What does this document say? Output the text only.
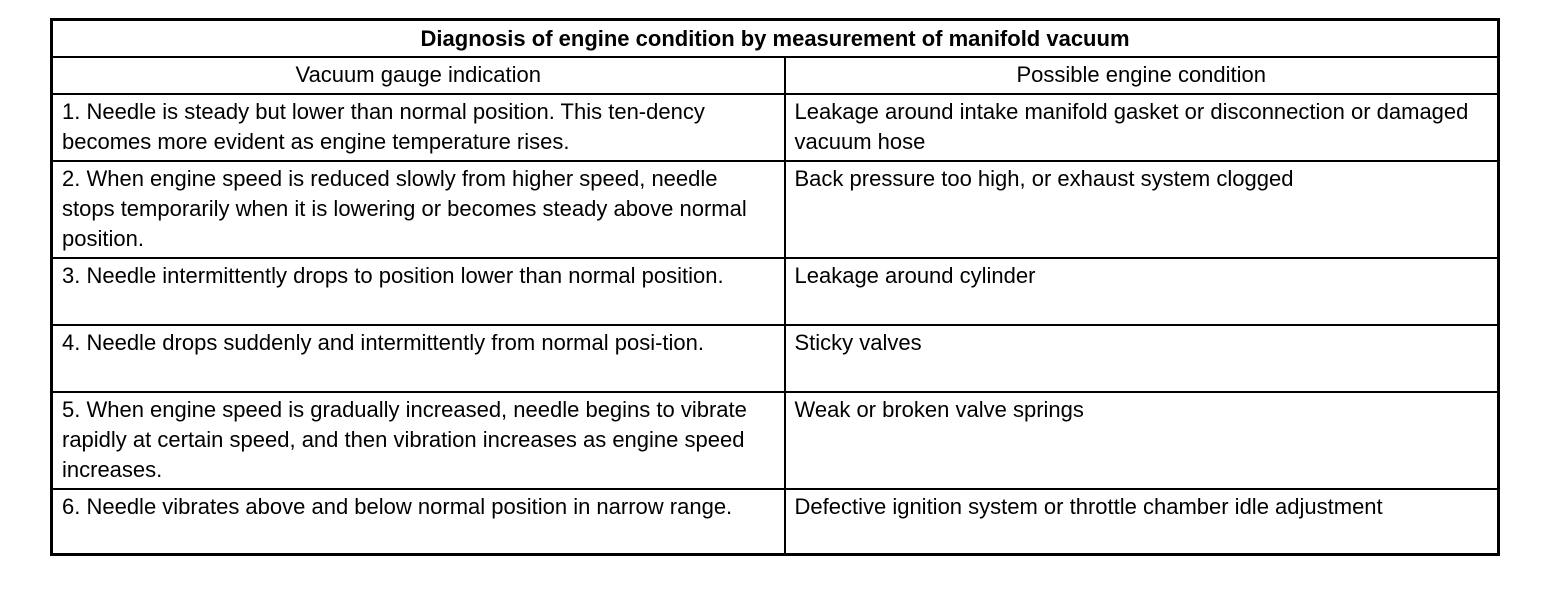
Diagnosis of engine condition by measurement of manifold vacuum	
Vacuum gauge indication	Possible engine condition
1. Needle is steady but lower than normal position. This ten-dency becomes more evident as engine temperature rises.	Leakage around intake manifold gasket or disconnection or damaged vacuum hose
2. When engine speed is reduced slowly from higher speed, needle stops temporarily when it is lowering or becomes steady above normal position.	Back pressure too high, or exhaust system clogged
3. Needle intermittently drops to position lower than normal position.	Leakage around cylinder
4. Needle drops suddenly and intermittently from normal posi-tion.	Sticky valves
5. When engine speed is gradually increased, needle begins to vibrate rapidly at certain speed, and then vibration increases as engine speed increases.	Weak or broken valve springs
6. Needle vibrates above and below normal position in narrow range.	Defective ignition system or throttle chamber idle adjustment
